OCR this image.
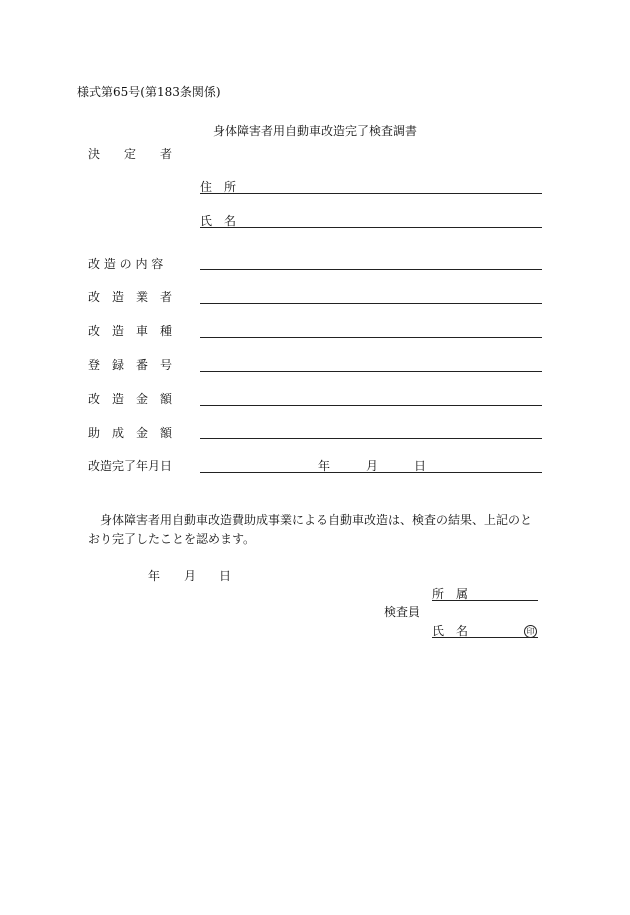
様式第65号(第183条関係)
身体障害者用自動車改造完了検査調書
決　　定　　者
住　所
氏　名
改 造 の 内 容
改　造　業　者
改　造　車　種
登　録　番　号
改　造　金　額
助　成　金　額
改造完了年月日	年	月	日
身体障害者用自動車改造費助成事業による自動車改造は、検査の結果、上記のと
おり完了したことを認めます。
年 月 日
所　属
検査員
氏　名	印
